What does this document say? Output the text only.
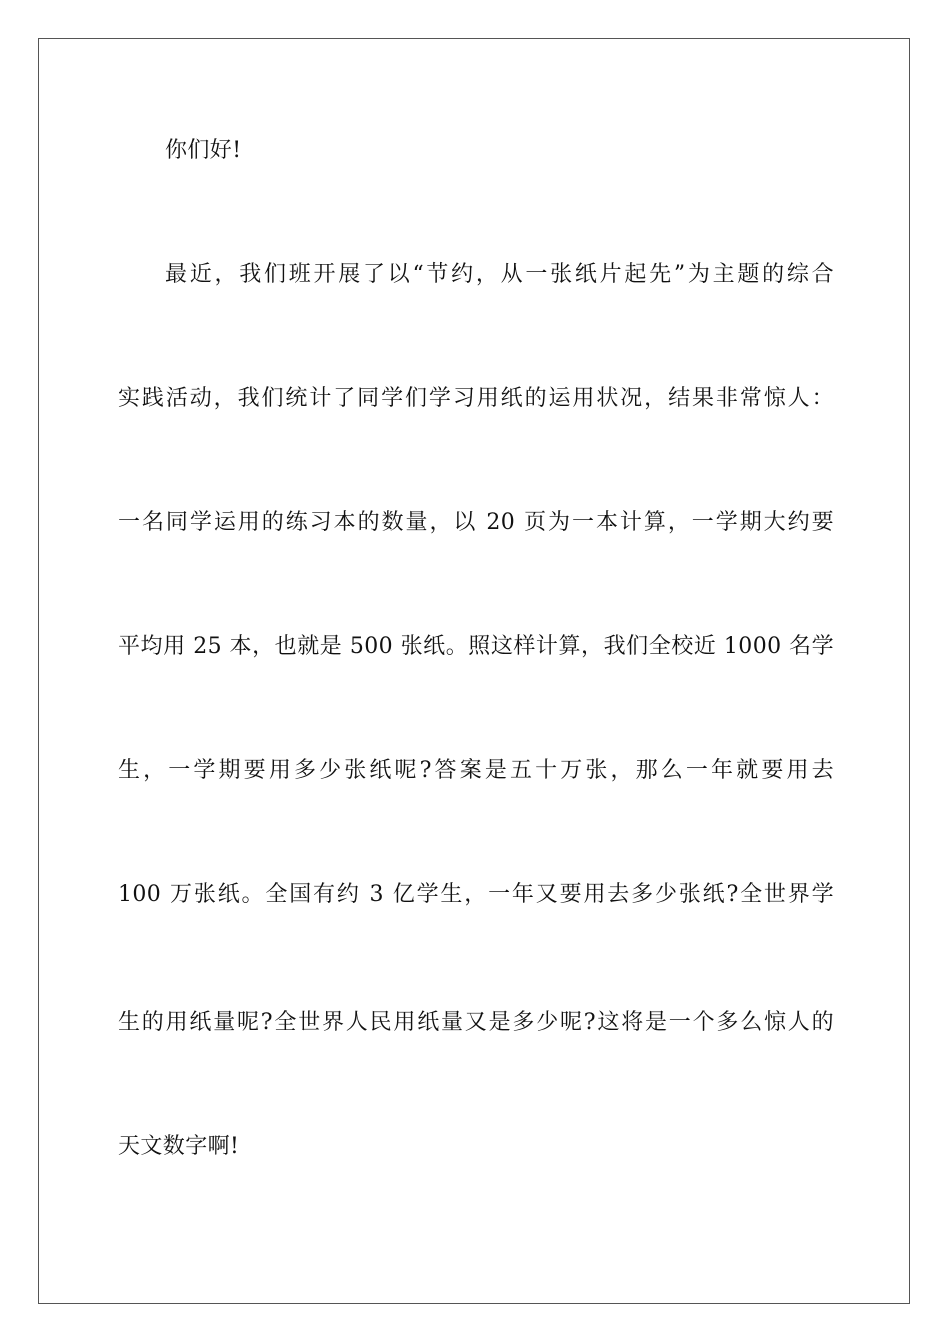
你们好!
最近，我们班开展了以“节约，从一张纸片起先”为主题的综合
实践活动，我们统计了同学们学习用纸的运用状况，结果非常惊人：
一名同学运用的练习本的数量，以 20 页为一本计算，一学期大约要
平均用 25 本，也就是 500 张纸。照这样计算，我们全校近 1000 名学
生，一学期要用多少张纸呢?答案是五十万张，那么一年就要用去
100 万张纸。全国有约 3 亿学生，一年又要用去多少张纸?全世界学
生的用纸量呢?全世界人民用纸量又是多少呢?这将是一个多么惊人的
天文数字啊!
